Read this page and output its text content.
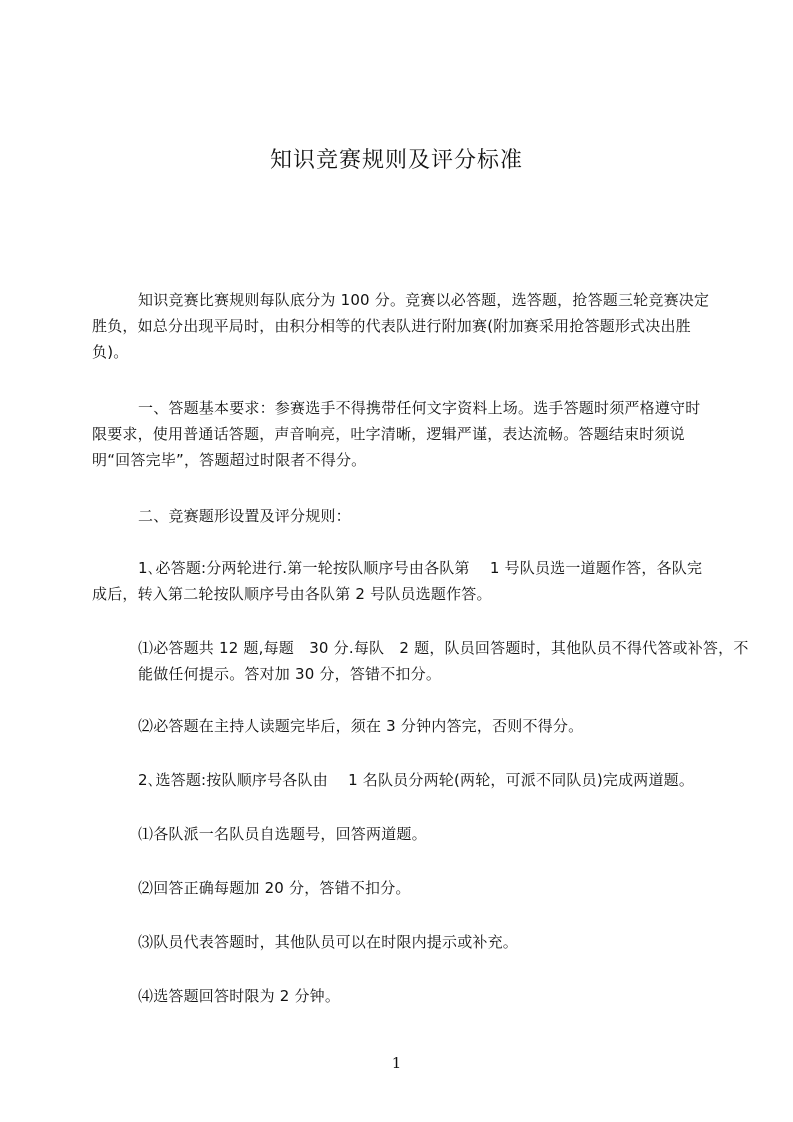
知识竞赛规则及评分标准

知识竞赛比赛规则每队底分为 100 分。竞赛以必答题，选答题，抢答题三轮竞赛决定胜负，如总分出现平局时，由积分相等的代表队进行附加赛(附加赛采用抢答题形式决出胜负)。

一、答题基本要求：参赛选手不得携带任何文字资料上场。选手答题时须严格遵守时限要求，使用普通话答题，声音响亮，吐字清晰，逻辑严谨，表达流畅。答题结束时须说明“回答完毕”，答题超过时限者不得分。

二、竞赛题形设置及评分规则：

1､必答题:分两轮进行.第一轮按队顺序号由各队第　 1 号队员选一道题作答，各队完成后，转入第二轮按队顺序号由各队第 2 号队员选题作答。

⑴必答题共 12 题,每题　30 分.每队　2 题，队员回答题时，其他队员不得代答或补答，不能做任何提示。答对加 30 分，答错不扣分。

⑵必答题在主持人读题完毕后，须在 3 分钟内答完，否则不得分。

2､选答题:按队顺序号各队由　 1 名队员分两轮(两轮，可派不同队员)完成两道题。

⑴各队派一名队员自选题号，回答两道题。

⑵回答正确每题加 20 分，答错不扣分。

⑶队员代表答题时，其他队员可以在时限内提示或补充。

⑷选答题回答时限为 2 分钟。

1
